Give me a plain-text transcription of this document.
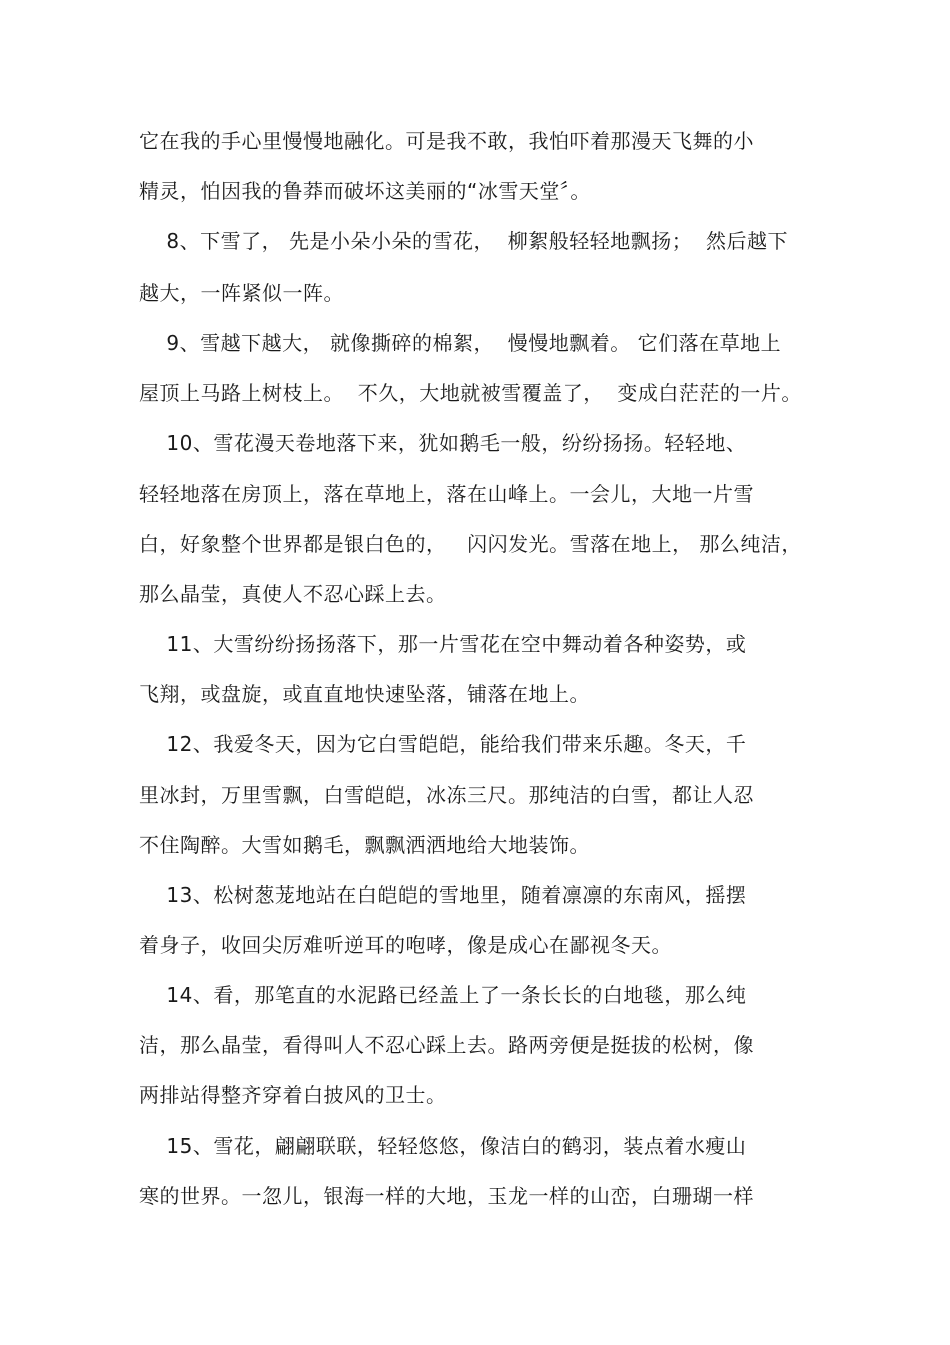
它在我的手心里慢慢地融化。可是我不敢，我怕吓着那漫天飞舞的小
精灵，怕因我的鲁莽而破坏这美丽的“冰雪天堂〞。
8、下雪了， 先是小朵小朵的雪花，  柳絮般轻轻地飘扬；  然后越下
越大，一阵紧似一阵。
9、雪越下越大， 就像撕碎的棉絮，  慢慢地飘着。 它们落在草地上
屋顶上马路上树枝上。  不久，大地就被雪覆盖了，  变成白茫茫的一片。
10、雪花漫天卷地落下来，犹如鹅毛一般，纷纷扬扬。轻轻地、
轻轻地落在房顶上，落在草地上，落在山峰上。一会儿，大地一片雪
白，好象整个世界都是银白色的，   闪闪发光。雪落在地上， 那么纯洁，
那么晶莹，真使人不忍心踩上去。
11、大雪纷纷扬扬落下，那一片雪花在空中舞动着各种姿势，或
飞翔，或盘旋，或直直地快速坠落，铺落在地上。
12、我爱冬天，因为它白雪皑皑，能给我们带来乐趣。冬天，千
里冰封，万里雪飘，白雪皑皑，冰冻三尺。那纯洁的白雪，都让人忍
不住陶醉。大雪如鹅毛，飘飘洒洒地给大地装饰。
13、松树葱茏地站在白皑皑的雪地里，随着凛凛的东南风，摇摆
着身子，收回尖厉难听逆耳的咆哮，像是成心在鄙视冬天。
14、看，那笔直的水泥路已经盖上了一条长长的白地毯，那么纯
洁，那么晶莹，看得叫人不忍心踩上去。路两旁便是挺拔的松树，像
两排站得整齐穿着白披风的卫士。
15、雪花，翩翩联联，轻轻悠悠，像洁白的鹤羽，装点着水瘦山
寒的世界。一忽儿，银海一样的大地，玉龙一样的山峦，白珊瑚一样
